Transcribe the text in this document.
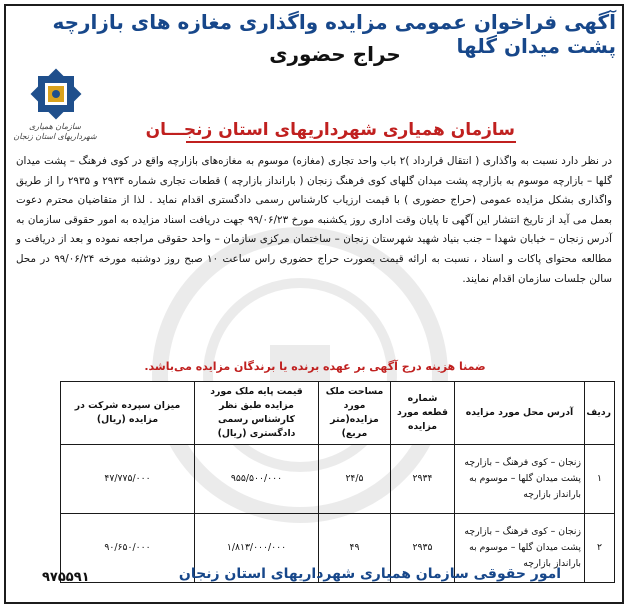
آگهی فراخوان عمومی مزایده واگذاری مغازه های بازارچه پشت میدان گلها
حراج حضوری
سازمان همیاری شهرداریهای استان زنجان	سازمان همیاری شهرداریهای استان زنجـــان
در نظر دارد نسبت به واگذاری ( انتقال قرارداد )۲ باب واحد تجاری (مغازه) موسوم به مغازه‌های بازارچه واقع در کوی فرهنگ – پشت میدان گلها – بازارچه موسوم به بازارچه پشت میدان گلهای کوی فرهنگ زنجان ( بارانداز بازارچه ) قطعات تجاری شماره ۲۹۳۴ و ۲۹۳۵ را از طریق واگذاری بشکل مزایده عمومی (حراج حضوری ) با قیمت ارزیاب کارشناس رسمی دادگستری اقدام نماید . لذا از متقاضیان محترم دعوت بعمل می آید از تاریخ انتشار این آگهی تا پایان وقت اداری روز یکشنبه مورخ ۹۹/۰۶/۲۳ جهت دریافت اسناد مزایده به امور حقوقی سازمان به آدرس زنجان – خیابان شهدا – جنب بنیاد شهید شهرستان زنجان – ساختمان مرکزی سازمان – واحد حقوقی مراجعه نموده و بعد از دریافت و مطالعه محتوای پاکات و اسناد ، نسبت به ارائه قیمت بصورت حراج حضوری راس ساعت ۱۰ صبح روز دوشنبه مورخه ۹۹/۰۶/۲۴ در محل سالن جلسات سازمان اقدام نمایند.
ضمنا هزینه درج آگهی بر عهده برنده یا برندگان مزایده می‌باشد.
ردیف	آدرس محل مورد مزایده	شماره قطعه مورد مزایده	مساحت ملک مورد مزایده(متر مربع)	قیمت پایه ملک مورد مزایده طبق نظر کارشناس رسمی دادگستری (ریال)	میزان سپرده شرکت در مزایده (ریال)
۱	زنجان – کوی فرهنگ – بازارچه پشت میدان گلها – موسوم به بارانداز بازارچه	۲۹۳۴	۲۴/۵	۹۵۵/۵۰۰/۰۰۰	۴۷/۷۷۵/۰۰۰
۲	زنجان – کوی فرهنگ – بازارچه پشت میدان گلها – موسوم به بارانداز بازارچه	۲۹۳۵	۴۹	۱/۸۱۳/۰۰۰/۰۰۰	۹۰/۶۵۰/۰۰۰
امور حقوقی سازمان همیاری شهرداریهای استان زنجان
۹۷۵۵۹۱
